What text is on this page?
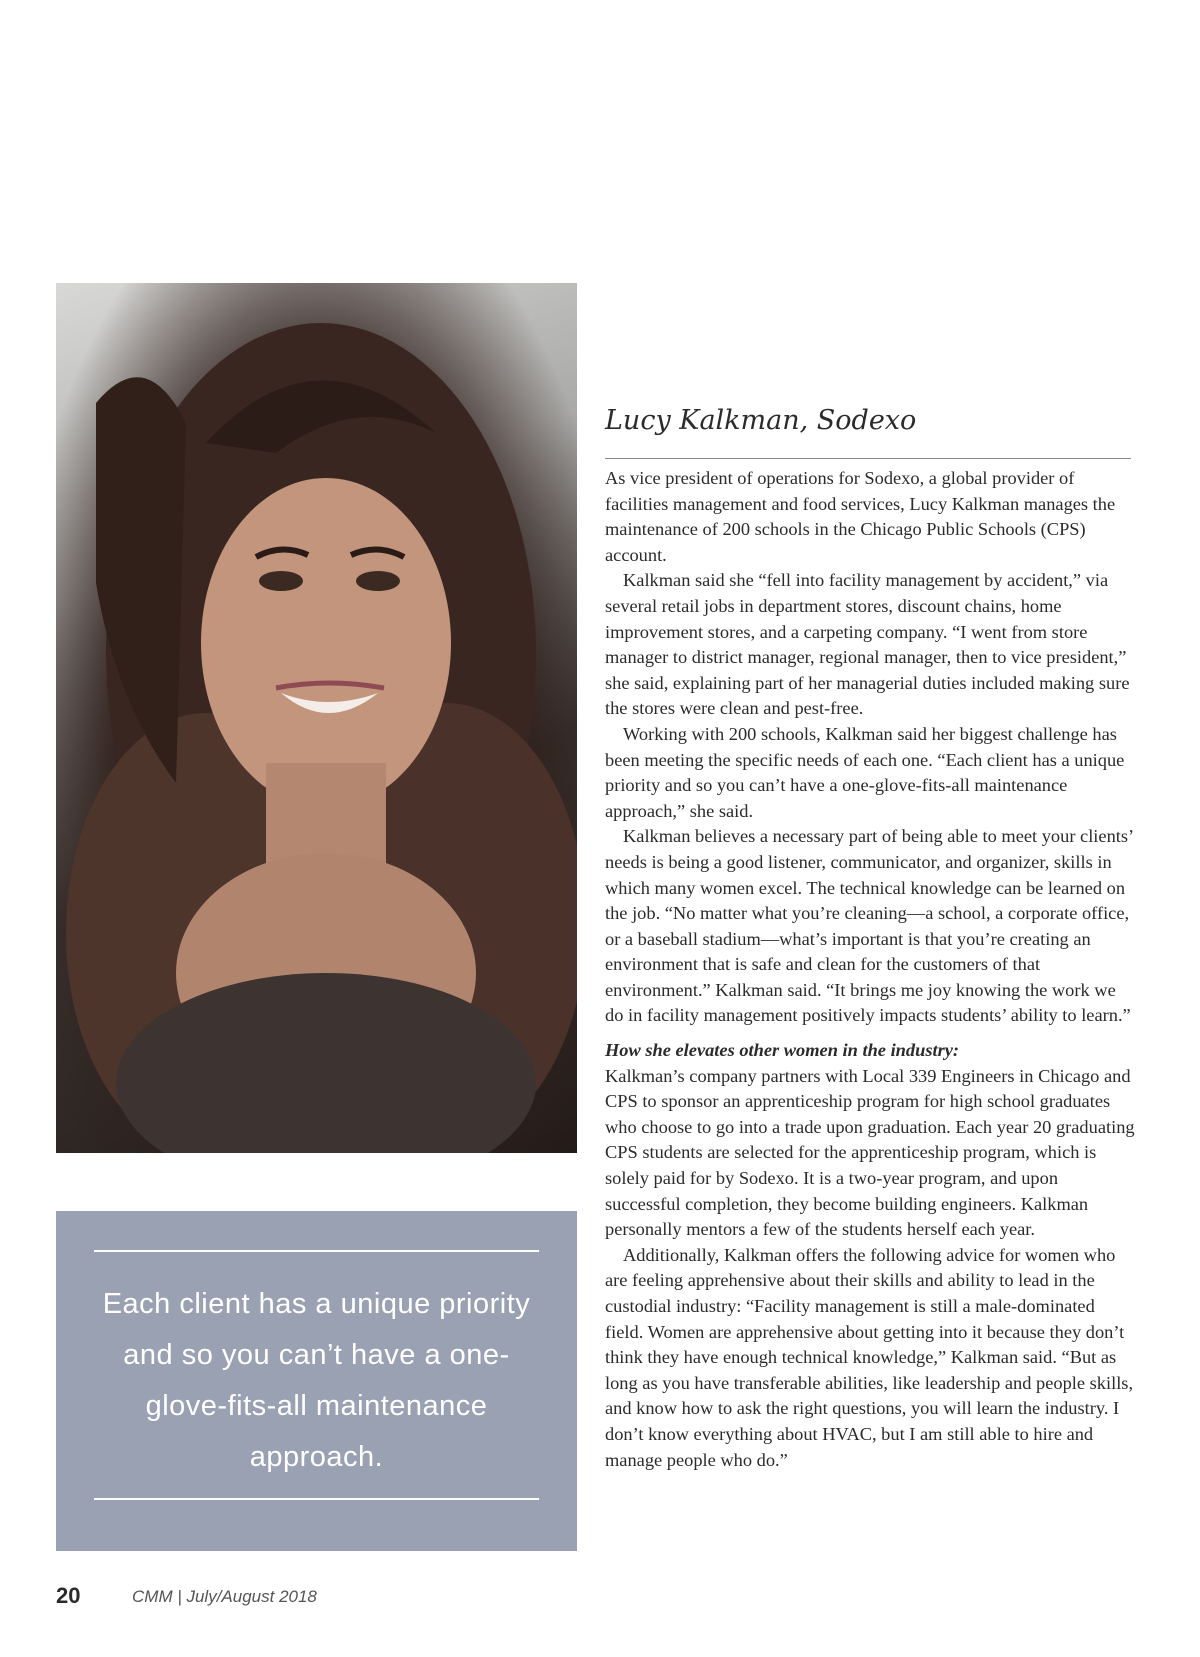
Each client has a unique priority and so you can’t have a one-glove-fits-all maintenance approach.
Lucy Kalkman, Sodexo

As vice president of operations for Sodexo, a global provider of facilities management and food services, Lucy Kalkman manages the maintenance of 200 schools in the Chicago Public Schools (CPS) account.

Kalkman said she “fell into facility management by accident,” via several retail jobs in department stores, discount chains, home improvement stores, and a carpeting company. “I went from store manager to district manager, regional manager, then to vice president,” she said, explaining part of her managerial duties included making sure the stores were clean and pest-free.

Working with 200 schools, Kalkman said her biggest challenge has been meeting the specific needs of each one. “Each client has a unique priority and so you can’t have a one-glove-fits-all maintenance approach,” she said.

Kalkman believes a necessary part of being able to meet your clients’ needs is being a good listener, communicator, and organizer, skills in which many women excel. The technical knowledge can be learned on the job. “No matter what you’re cleaning—a school, a corporate office, or a baseball stadium—what’s important is that you’re creating an environment that is safe and clean for the customers of that environment.” Kalkman said. “It brings me joy knowing the work we do in facility management positively impacts students’ ability to learn.”

How she elevates other women in the industry:

Kalkman’s company partners with Local 339 Engineers in Chicago and CPS to sponsor an apprenticeship program for high school graduates who choose to go into a trade upon graduation. Each year 20 graduating CPS students are selected for the apprenticeship program, which is solely paid for by Sodexo. It is a two-year program, and upon successful completion, they become building engineers. Kalkman personally mentors a few of the students herself each year.

Additionally, Kalkman offers the following advice for women who are feeling apprehensive about their skills and ability to lead in the custodial industry: “Facility management is still a male-dominated field. Women are apprehensive about getting into it because they don’t think they have enough technical knowledge,” Kalkman said. “But as long as you have transferable abilities, like leadership and people skills, and know how to ask the right questions, you will learn the industry. I don’t know everything about HVAC, but I am still able to hire and manage people who do.”

20	CMM | July/August 2018
